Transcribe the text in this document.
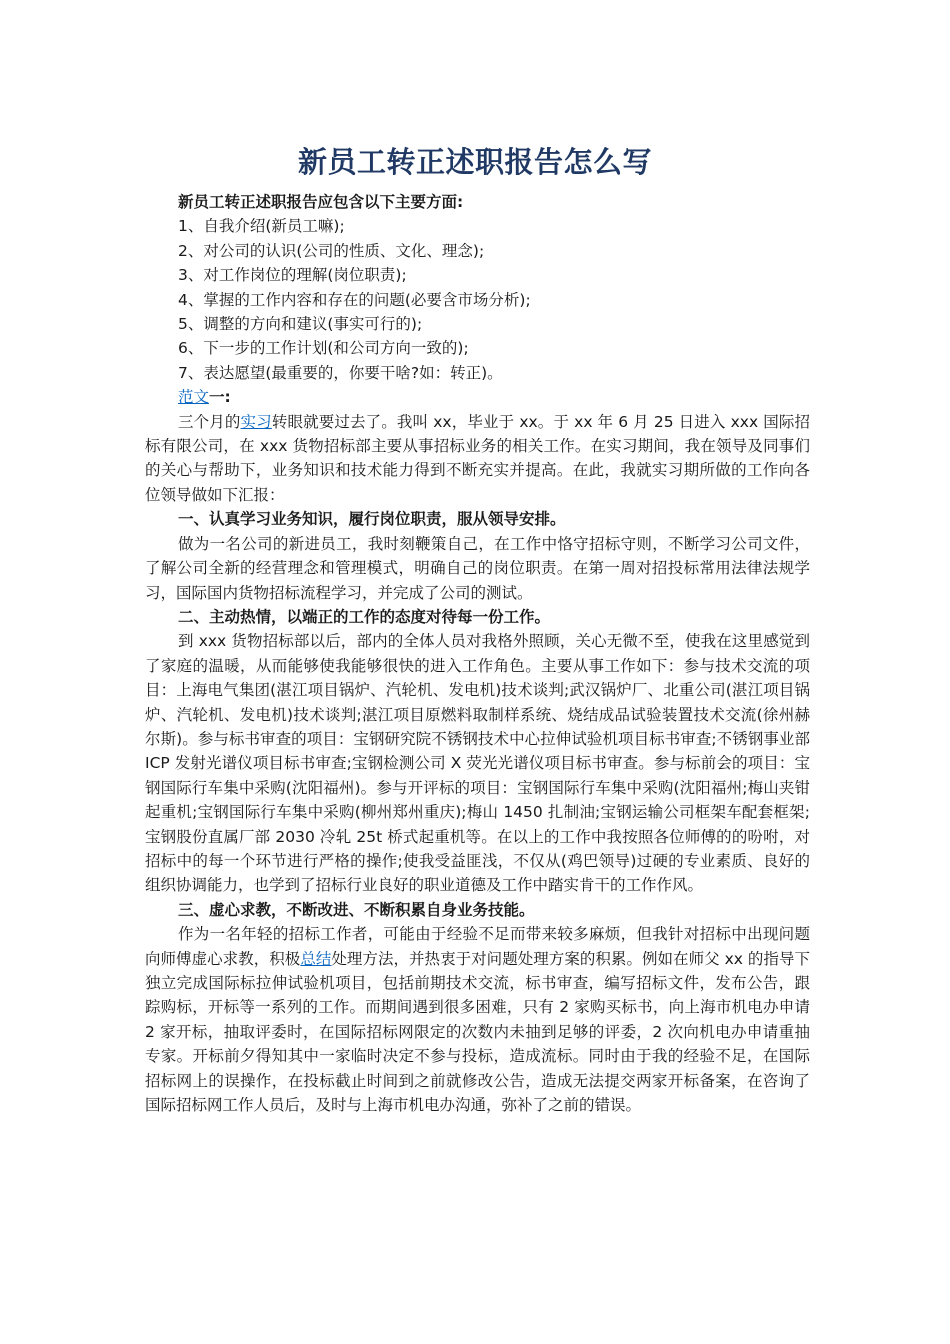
新员工转正述职报告怎么写

新员工转正述职报告应包含以下主要方面:

1、自我介绍(新员工嘛);

2、对公司的认识(公司的性质、文化、理念);

3、对工作岗位的理解(岗位职责);

4、掌握的工作内容和存在的问题(必要含市场分析);

5、调整的方向和建议(事实可行的);

6、下一步的工作计划(和公司方向一致的);

7、表达愿望(最重要的，你要干啥?如：转正)。

范文一:

三个月的实习转眼就要过去了。我叫 xx，毕业于 xx。于 xx 年 6 月 25 日进入 xxx 国际招标有限公司，在 xxx 货物招标部主要从事招标业务的相关工作。在实习期间，我在领导及同事们的关心与帮助下，业务知识和技术能力得到不断充实并提高。在此，我就实习期所做的工作向各位领导做如下汇报：

一、认真学习业务知识，履行岗位职责，服从领导安排。

做为一名公司的新进员工，我时刻鞭策自己，在工作中恪守招标守则，不断学习公司文件，了解公司全新的经营理念和管理模式，明确自己的岗位职责。在第一周对招投标常用法律法规学习，国际国内货物招标流程学习，并完成了公司的测试。

二、主动热情，以端正的工作的态度对待每一份工作。

到 xxx 货物招标部以后，部内的全体人员对我格外照顾，关心无微不至，使我在这里感觉到了家庭的温暖，从而能够使我能够很快的进入工作角色。主要从事工作如下：参与技术交流的项目：上海电气集团(湛江项目锅炉、汽轮机、发电机)技术谈判;武汉锅炉厂、北重公司(湛江项目锅炉、汽轮机、发电机)技术谈判;湛江项目原燃料取制样系统、烧结成品试验装置技术交流(徐州赫尔斯)。参与标书审查的项目：宝钢研究院不锈钢技术中心拉伸试验机项目标书审查;不锈钢事业部 ICP 发射光谱仪项目标书审查;宝钢检测公司 X 荧光光谱仪项目标书审查。参与标前会的项目：宝钢国际行车集中采购(沈阳福州)。参与开评标的项目：宝钢国际行车集中采购(沈阳福州;梅山夹钳起重机;宝钢国际行车集中采购(柳州郑州重庆);梅山 1450 扎制油;宝钢运输公司框架车配套框架;宝钢股份直属厂部 2030 冷轧 25t 桥式起重机等。在以上的工作中我按照各位师傅的的吩咐，对招标中的每一个环节进行严格的操作;使我受益匪浅，不仅从(鸡巴领导)过硬的专业素质、良好的组织协调能力，也学到了招标行业良好的职业道德及工作中踏实肯干的工作作风。

三、虚心求教，不断改进、不断积累自身业务技能。

作为一名年轻的招标工作者，可能由于经验不足而带来较多麻烦，但我针对招标中出现问题向师傅虚心求教，积极总结处理方法，并热衷于对问题处理方案的积累。例如在师父 xx 的指导下独立完成国际标拉伸试验机项目，包括前期技术交流，标书审查，编写招标文件，发布公告，跟踪购标，开标等一系列的工作。而期间遇到很多困难，只有 2 家购买标书，向上海市机电办申请 2 家开标，抽取评委时，在国际招标网限定的次数内未抽到足够的评委，2 次向机电办申请重抽专家。开标前夕得知其中一家临时决定不参与投标，造成流标。同时由于我的经验不足，在国际招标网上的误操作，在投标截止时间到之前就修改公告，造成无法提交两家开标备案，在咨询了国际招标网工作人员后，及时与上海市机电办沟通，弥补了之前的错误。
